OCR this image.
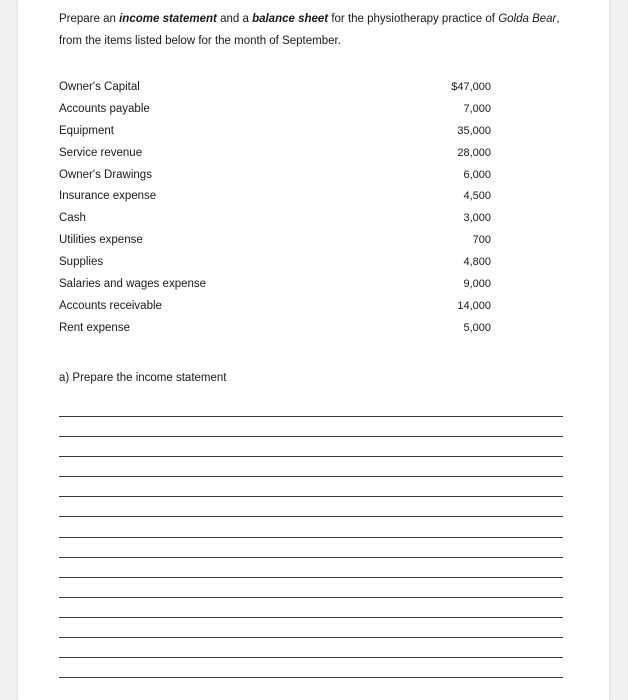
Prepare an income statement and a balance sheet for the physiotherapy practice of Golda Bear, from the items listed below for the month of September.
Owner's Capital	$47,000
Accounts payable	7,000
Equipment	35,000
Service revenue	28,000
Owner's Drawings	6,000
Insurance expense	4,500
Cash	3,000
Utilities expense	700
Supplies	4,800
Salaries and wages expense	9,000
Accounts receivable	14,000
Rent expense	5,000
a) Prepare the income statement
